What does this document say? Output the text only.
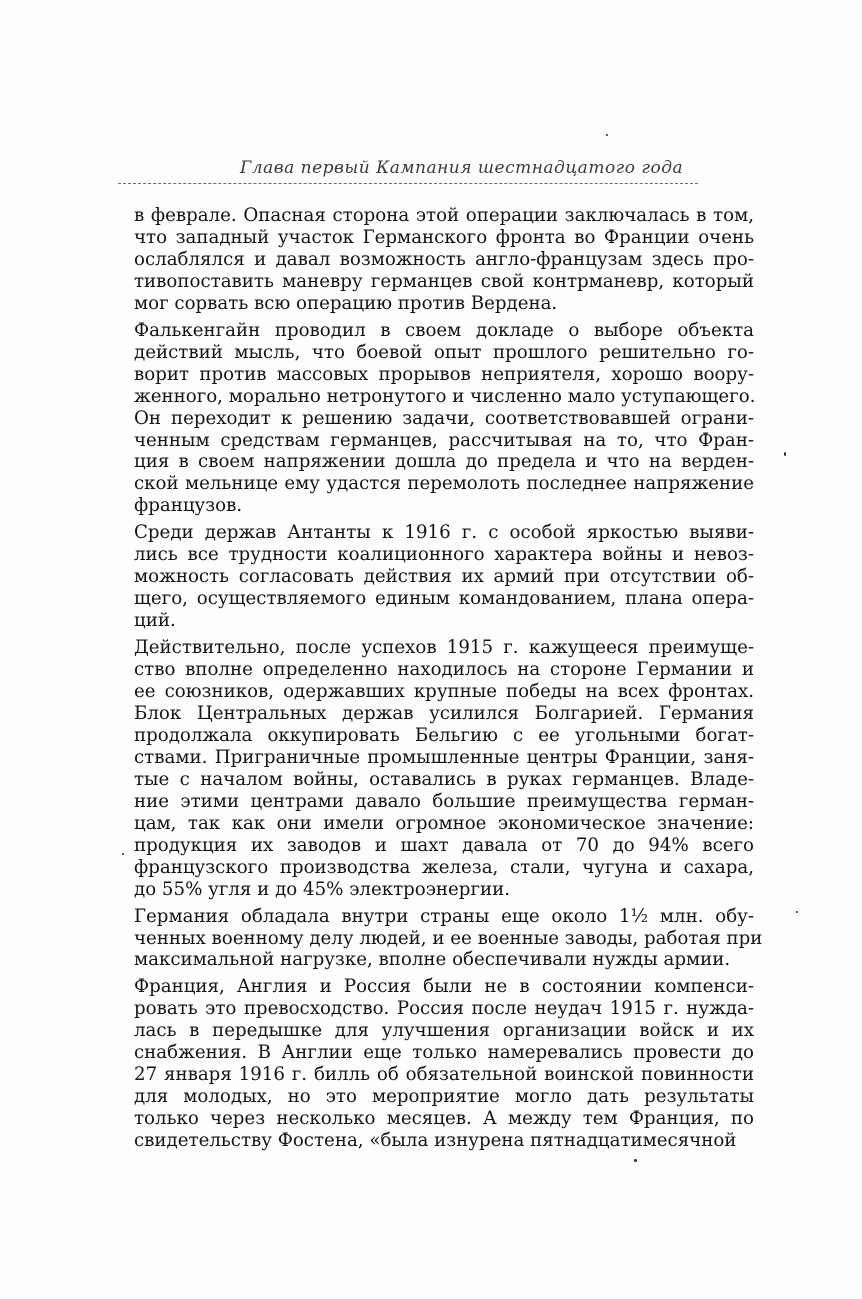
Глава первый Кампания шестнадцатого года
в феврале. Опасная сторона этой операции заключалась в том,
что западный участок Германского фронта во Франции очень
ослаблялся и давал возможность англо-французам здесь про-
тивопоставить маневру германцев свой контрманевр, который
мог сорвать всю операцию против Вердена.
Фалькенгайн проводил в своем докладе о выборе объекта
действий мысль, что боевой опыт прошлого решительно го-
ворит против массовых прорывов неприятеля, хорошо воору-
женного, морально нетронутого и численно мало уступающего.
Он переходит к решению задачи, соответствовавшей ограни-
ченным средствам германцев, рассчитывая на то, что Фран-
ция в своем напряжении дошла до предела и что на верден-
ской мельнице ему удастся перемолоть последнее напряжение
французов.
Среди держав Антанты к 1916 г. с особой яркостью выяви-
лись все трудности коалиционного характера войны и невоз-
можность согласовать действия их армий при отсутствии об-
щего, осуществляемого единым командованием, плана опера-
ций.
Действительно, после успехов 1915 г. кажущееся преимуще-
ство вполне определенно находилось на стороне Германии и
ее союзников, одержавших крупные победы на всех фронтах.
Блок Центральных держав усилился Болгарией. Германия
продолжала оккупировать Бельгию с ее угольными богат-
ствами. Приграничные промышленные центры Франции, заня-
тые с началом войны, оставались в руках германцев. Владе-
ние этими центрами давало большие преимущества герман-
цам, так как они имели огромное экономическое значение:
продукция их заводов и шахт давала от 70 до 94% всего
французского производства железа, стали, чугуна и сахара,
до 55% угля и до 45% электроэнергии.
Германия обладала внутри страны еще около 1½ млн. обу-
ченных военному делу людей, и ее военные заводы, работая при
максимальной нагрузке, вполне обеспечивали нужды армии.
Франция, Англия и Россия были не в состоянии компенси-
ровать это превосходство. Россия после неудач 1915 г. нужда-
лась в передышке для улучшения организации войск и их
снабжения. В Англии еще только намеревались провести до
27 января 1916 г. билль об обязательной воинской повинности
для молодых, но это мероприятие могло дать результаты
только через несколько месяцев. А между тем Франция, по
свидетельству Фостена, «была изнурена пятнадцатимесячной
